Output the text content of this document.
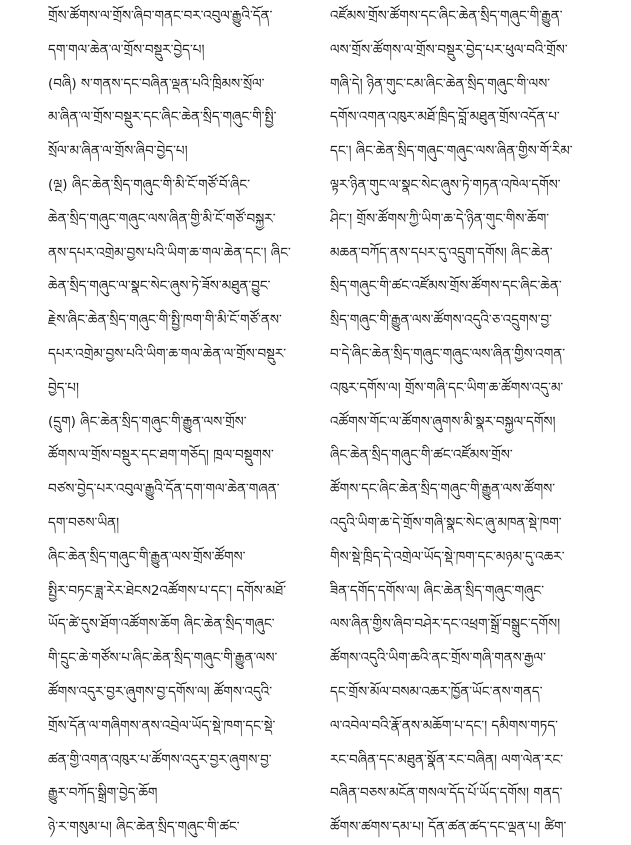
གྲོས་ཚོགས་ལ་གྲོས་ཞིབ་གནང་བར་འབུལ་རྒྱུའི་དོན་
དག་གལ་ཆེན་ལ་གྲོས་བསྡུར་བྱེད་པ།
(བཞི) ས་གནས་དང་བཞིན་ལྡན་པའི་ཁྲིམས་སྲོལ་
མ་ཞིན་ལ་གྲོས་བསྡུར་དང་ཞིང་ཆེན་སྲིད་གཞུང་གི་སྤྱི་
སྲོལ་མ་ཞིན་ལ་གྲོས་ཞིབ་བྱེད་པ།
(ལྔ) ཞིང་ཆེན་སྲིད་གཞུང་གི་མི་ངོ་གཙོ་བོ་ཞིང་
ཆེན་སྲིད་གཞུང་གཞུང་ལས་ཞིན་གྱི་མི་ངོ་གཙོ་བསྐྱར་
ནས་དཔར་འགྲེམ་བྱས་པའི་ཡིག་ཆ་གལ་ཆེན་དང་། ཞིང་
ཆེན་སྲིད་གཞུང་ལ་སྣང་སེང་ཞུས་ཏེ་ཟོས་མཐུན་བྱུང་
རྗེས་ཞིང་ཆེན་སྲིད་གཞུང་གི་སྤྱི་ཁག་གི་མི་ངོ་གཙོ་ནས་
དཔར་འགྲེམ་བྱས་པའི་ཡིག་ཆ་གལ་ཆེན་ལ་གྲོས་བསྡུར་
བྱེད་པ།
(དྲུག) ཞིང་ཆེན་སྲིད་གཞུང་གི་རྒྱུན་ལས་གྲོས་
ཚོགས་ལ་གྲོས་བསྡུར་དང་ཐག་གཅོད། ཁྲལ་བསྡུགས་
བཙས་བྱེད་པར་འབུལ་རྒྱུའི་དོན་དག་གལ་ཆེན་གཞན་
དག་བཅས་ཡིན།
ཞིང་ཆེན་སྲིད་གཞུང་གི་རྒྱུན་ལས་གྲོས་ཚོགས་
སྤྱིར་བཏང་ཟླ་རེར་ཐེངས2འཚོགས་པ་དང་། དགོས་མཐོ་
ཡོད་ཚེ་དུས་ཐོག་འཚོགས་ཆོག ཞིང་ཆེན་སྲིད་གཞུང་
གི་དྲུང་ཆེ་གཙོས་པ་ཞིང་ཆེན་སྲིད་གཞུང་གི་རྒྱུན་ལས་
ཚོགས་འདུར་བྱར་ཞུགས་བྱ་དགོས་ལ། ཚོགས་འདུའི་
གྲོས་དོན་ལ་གཞིགས་ནས་འབྲེལ་ཡོད་སྡེ་ཁག་དང་སྡེ་
ཚན་གྱི་འགན་འཁུར་པ་ཚོགས་འདུར་བྱར་ཞུགས་བྱ་
རྒྱུར་བཀོད་སྒྲིག་བྱེད་ཆོག
ཉེ་ར་གསུམ་པ། ཞིང་ཆེན་སྲིད་གཞུང་གི་ཚང་
འཛོམས་གྲོས་ཚོགས་དང་ཞིང་ཆེན་སྲིད་གཞུང་གི་རྒྱུན་
ལས་གྲོས་ཚོགས་ལ་གྲོས་བསྡུར་བྱེད་པར་ཕུལ་བའི་གྲོས་
གཞི་དེ། ཉིན་གུང་ངམ་ཞིང་ཆེན་སྲིད་གཞུང་གི་ལས་
དགོས་འགན་འཁུར་མཐོ་ཁྲིད་བློ་མཐུན་གྲོས་འདོན་པ་
དང་། ཞིང་ཆེན་སྲིད་གཞུང་གཞུང་ལས་ཞིན་གྱིས་གོ་རིམ་
ལྟར་ཉིན་གུང་ལ་སྣང་སེང་ཞུས་ཏེ་གཏན་འཁེལ་དགོས་
ཤིང་། གྲོས་ཚོགས་ཀྱི་ཡིག་ཆ་དེ་ཉིན་གུང་གིས་ཆོག་
མཆན་བཀོད་ནས་དཔར་དུ་འདྲུག་དགོས། ཞིང་ཆེན་
སྲིད་གཞུང་གི་ཚང་འཛོམས་གྲོས་ཚོགས་དང་ཞིང་ཆེན་
སྲིད་གཞུང་གི་རྒྱུན་ལས་ཚོགས་འདུའི་ཅ་འདྲུགས་བྱ་
བ་དེ་ཞིང་ཆེན་སྲིད་གཞུང་གཞུང་ལས་ཞིན་གྱིས་འགན་
འཁུར་དགོས་ལ། གྲོས་གཞི་དང་ཡིག་ཆ་ཚོགས་འདུ་མ་
འཚོགས་གོང་ལ་ཚོགས་ཞུགས་མི་སྣར་བསྐྱལ་དགོས།
ཞིང་ཆེན་སྲིད་གཞུང་གི་ཚང་འཛོམས་གྲོས་
ཚོགས་དང་ཞིང་ཆེན་སྲིད་གཞུང་གི་རྒྱུན་ལས་ཚོགས་
འདུའི་ཡིག་ཆ་དེ་གྲོས་གཞི་སྣང་སེང་ཞུ་མཁན་སྡེ་ཁག་
གིས་སྡེ་ཁྲིད་དེ་འགྲེལ་ཡོད་སྡེ་ཁག་དང་མཉམ་དུ་འཆར་
ཟིན་དགོད་དགོས་ལ། ཞིང་ཆེན་སྲིད་གཞུང་གཞུང་
ལས་ཞིན་གྱིས་ཞིབ་བཤེར་དང་འཕྲག་སྒྲོ་བསྒྲུང་དགོས།
ཚོགས་འདུའི་ཡིག་ཆའི་ནང་གྲོས་གཞི་གནས་རྒྱལ་
དང་གྲོས་མོལ་བསམ་འཆར་ཁྱོན་ཡོང་ནས་གནད་
ལ་འབེལ་བའི་རྣོ་ནས་མཆོག་པ་དང་། དམིགས་གཏད་
རང་བཞིན་དང་མཐུན་སྣོན་རང་བཞིན། ལག་ལེན་རང་
བཞིན་བཅས་མངོན་གསལ་དོད་པོ་ཡོད་དགོས། གནད་
ཚོགས་ཚགས་དམ་པ། དོན་ཚན་ཚད་དང་ལྡན་པ། ཚིག་
